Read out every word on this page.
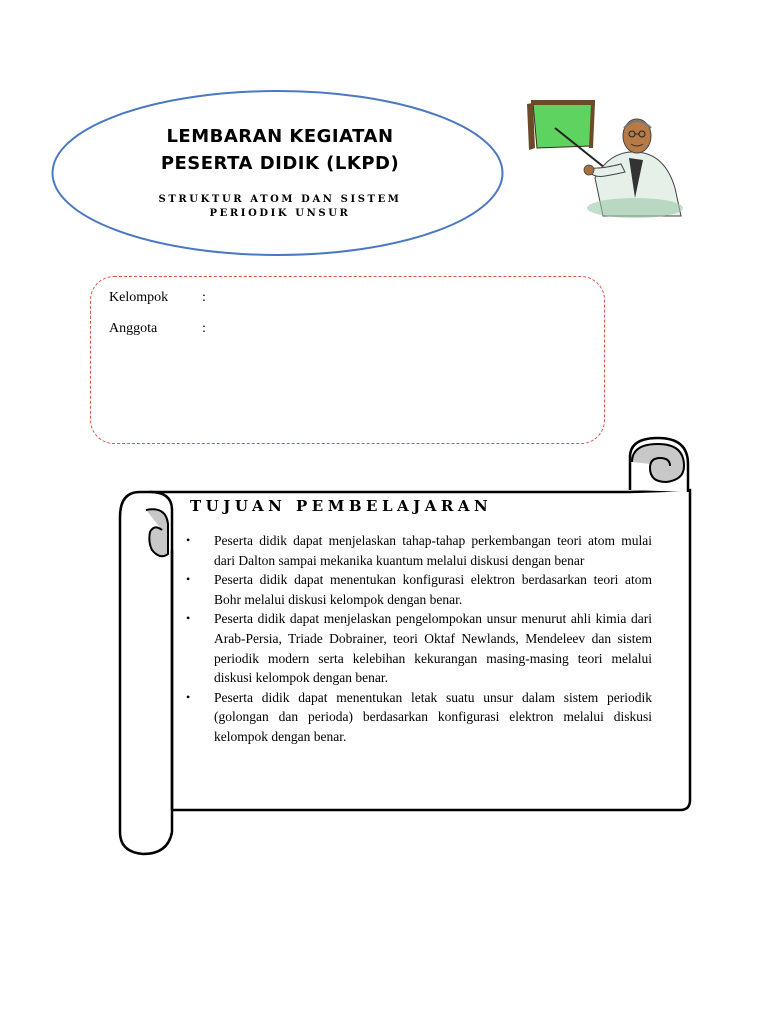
LEMBARAN KEGIATAN
PESERTA DIDIK (LKPD)
STRUKTUR ATOM DAN SISTEM
PERIODIK UNSUR
Kelompok :
Anggota	:
TUJUAN PEMBELAJARAN
• Peserta didik dapat menjelaskan tahap-tahap perkembangan teori atom mulai dari Dalton sampai mekanika kuantum melalui diskusi dengan benar
• Peserta didik dapat menentukan konfigurasi elektron berdasarkan teori atom Bohr melalui diskusi kelompok dengan benar.
• Peserta didik dapat menjelaskan pengelompokan unsur menurut ahli kimia dari Arab-Persia, Triade Dobrainer, teori Oktaf Newlands, Mendeleev dan sistem periodik modern serta kelebihan kekurangan masing-masing teori melalui diskusi kelompok dengan benar.
• Peserta didik dapat menentukan letak suatu unsur dalam sistem periodik (golongan dan perioda) berdasarkan konfigurasi elektron melalui diskusi kelompok dengan benar.
